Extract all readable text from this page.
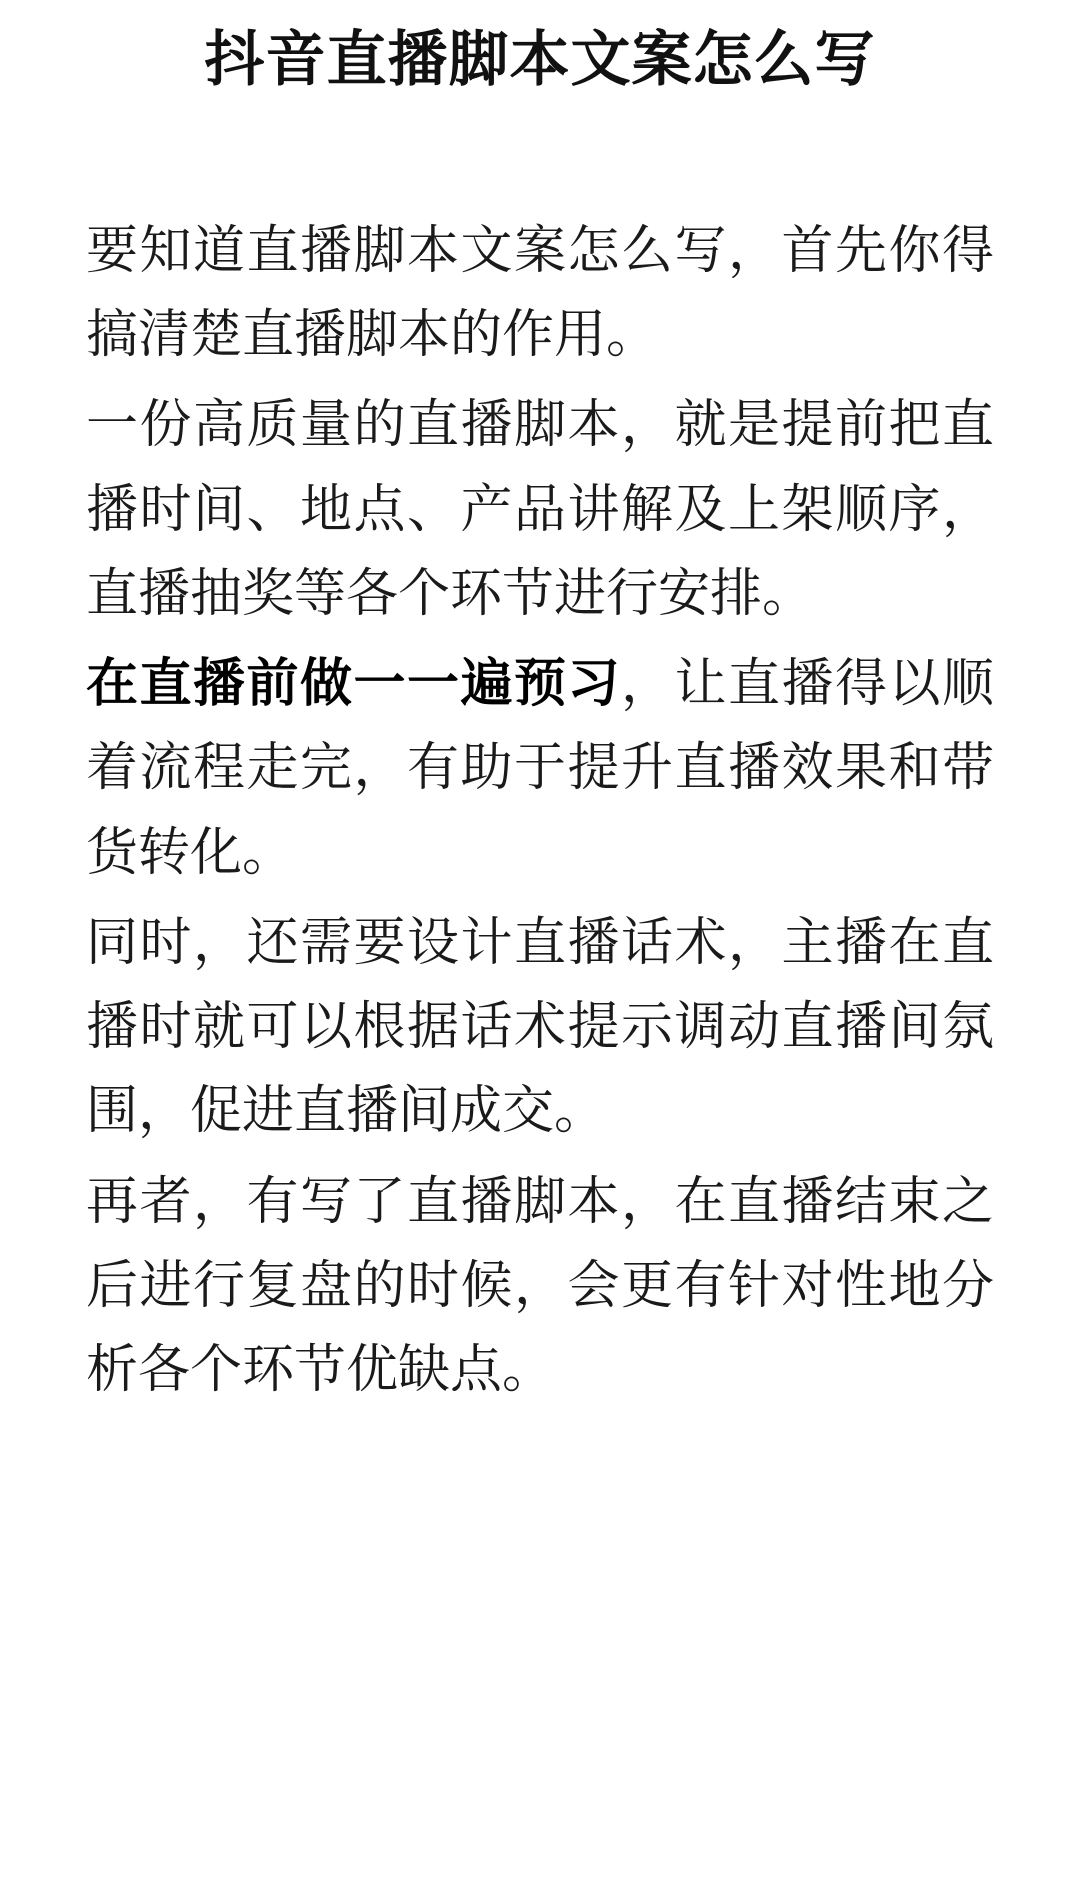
抖音直播脚本文案怎么写

要知道直播脚本文案怎么写，首先你得搞清楚直播脚本的作用。

一份高质量的直播脚本，就是提前把直播时间、地点、产品讲解及上架顺序，直播抽奖等各个环节进行安排。

在直播前做一一遍预习，让直播得以顺着流程走完，有助于提升直播效果和带货转化。

同时，还需要设计直播话术，主播在直播时就可以根据话术提示调动直播间氛围，促进直播间成交。

再者，有写了直播脚本，在直播结束之后进行复盘的时候，会更有针对性地分析各个环节优缺点。
